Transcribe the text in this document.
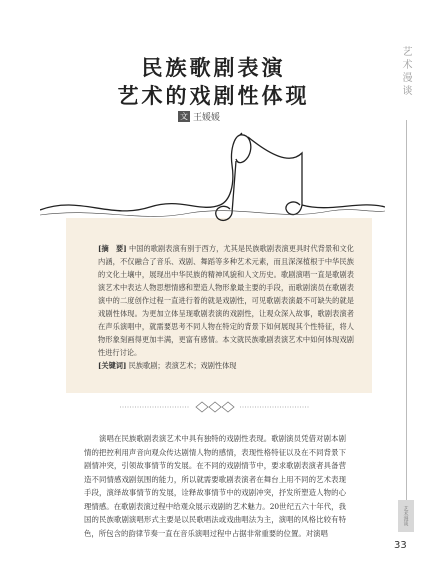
民族歌剧表演
艺术的戏剧性体现
文 王媛媛

[摘　要] 中国的歌剧表演有别于西方，尤其是民族歌剧表演更具时代背景和文化内涵，不仅融合了音乐、戏剧、舞蹈等多种艺术元素，而且深深植根于中华民族的文化土壤中，展现出中华民族的精神风貌和人文历史。歌剧演唱一直是歌剧表演艺术中表达人物思想情感和塑造人物形象最主要的手段，而歌剧演员在歌剧表演中的二度创作过程一直进行着的就是戏剧性，可见歌剧表演最不可缺失的就是戏剧性体现。为更加立体呈现歌剧表演的戏剧性，让观众深入故事，歌剧表演者在声乐演唱中，就需要思考不同人物在特定的背景下如何展现其个性特征，将人物形象刻画得更加丰满，更富有感情。本文就民族歌剧表演艺术中如何体现戏剧性进行讨论。

[关键词] 民族歌剧；表演艺术；戏剧性体现

演唱在民族歌剧表演艺术中具有独特的戏剧性表现。歌剧演员凭借对剧本剧情的把控利用声音向观众传达剧情人物的感情，表现性格特征以及在不同背景下剧情冲突，引领故事情节的发展。在不同的戏剧情节中，要求歌剧表演者具备营造不同情感戏剧氛围的能力，所以就需要歌剧表演者在舞台上用不同的艺术表现手段，演绎故事情节的发展，诠释故事情节中的戏剧冲突，抒发所塑造人物的心理情感。在歌剧表演过程中给观众展示戏剧的艺术魅力。20世纪五六十年代，我国的民族歌剧演唱形式主要是以民歌唱法或戏曲唱法为主，演唱的风格比较有特色，所包含的韵律节奏一直在音乐演唱过程中占据非常重要的位置。对演唱
艺术漫谈
艺术漫谈
33
